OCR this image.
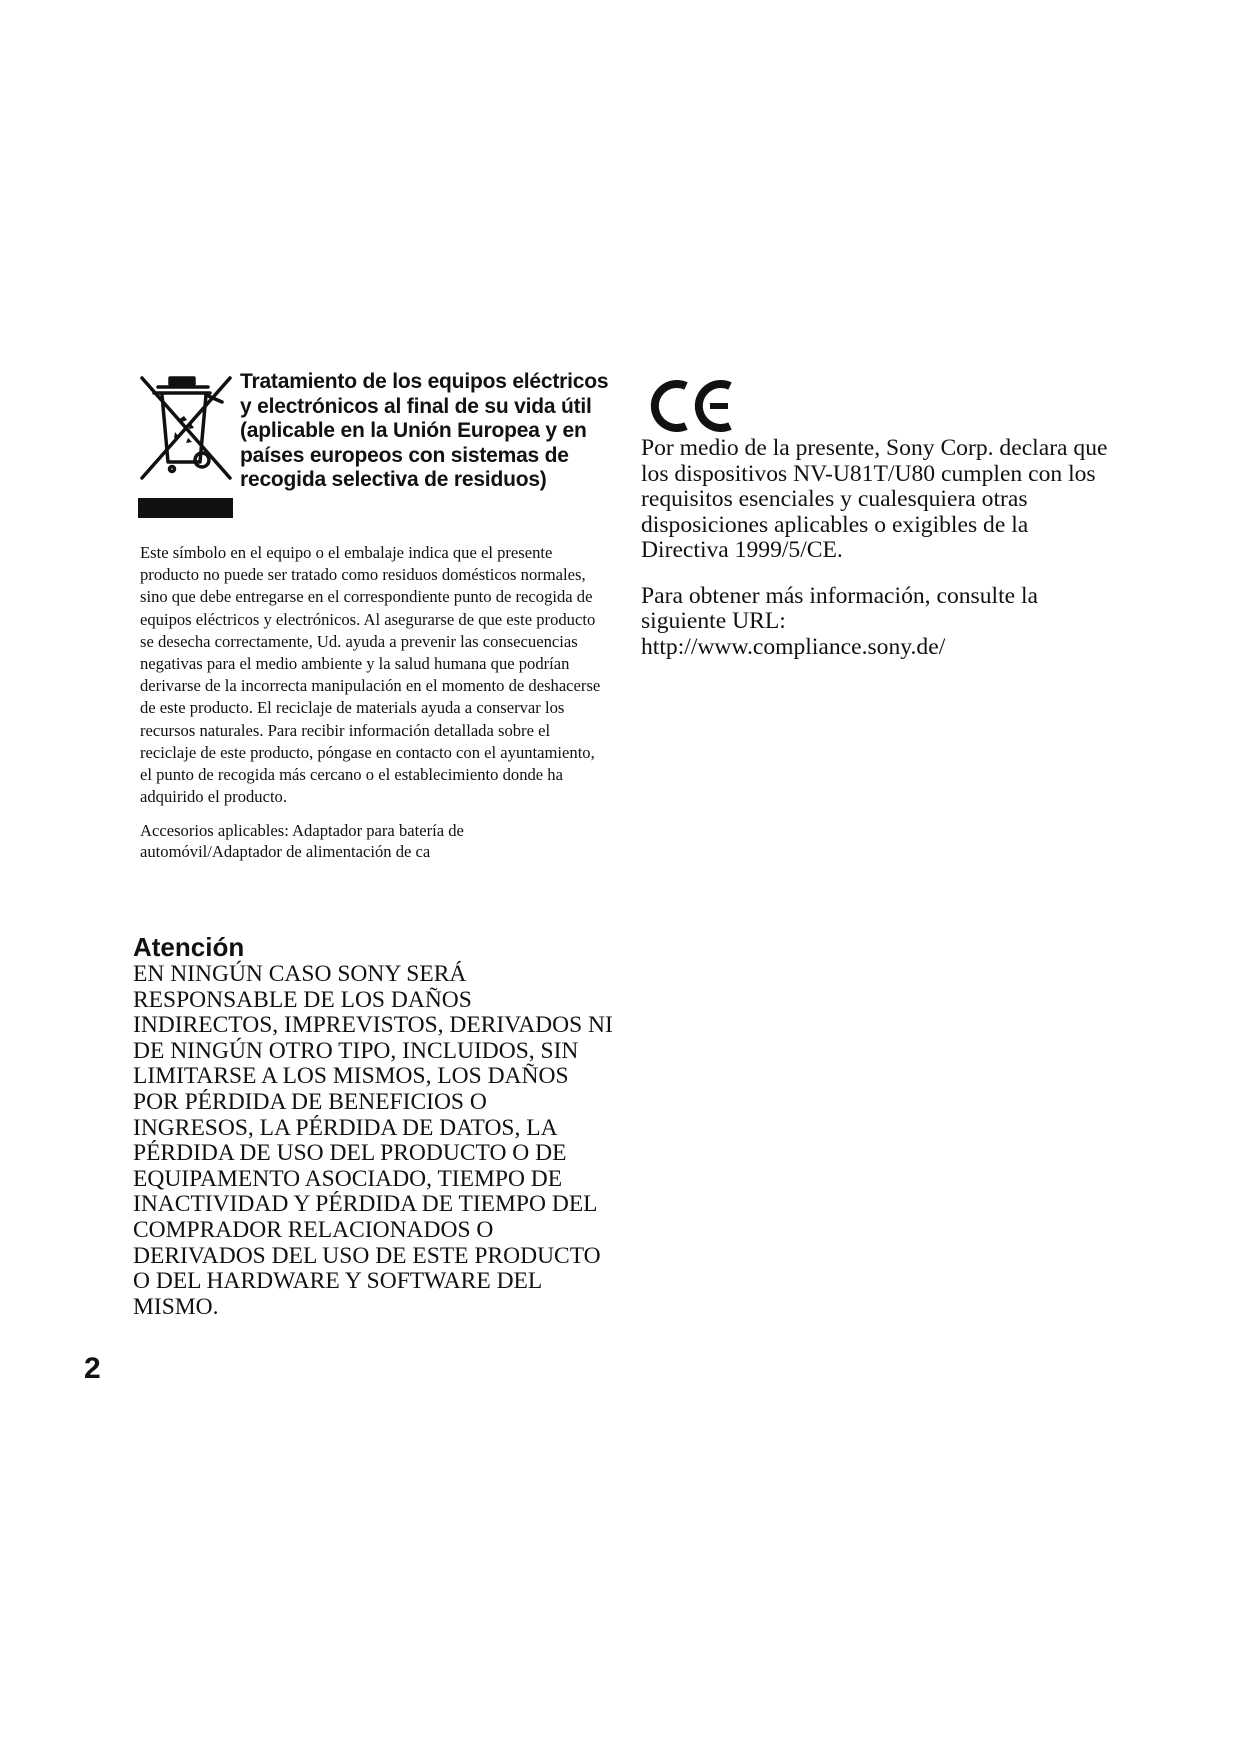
Tratamiento de los equipos eléctricos y electrónicos al final de su vida útil (aplicable en la Unión Europea y en países europeos con sistemas de recogida selectiva de residuos)

Este símbolo en el equipo o el embalaje indica que el presente producto no puede ser tratado como residuos domésticos normales, sino que debe entregarse en el correspondiente punto de recogida de equipos eléctricos y electrónicos. Al asegurarse de que este producto se desecha correctamente, Ud. ayuda a prevenir las consecuencias negativas para el medio ambiente y la salud humana que podrían derivarse de la incorrecta manipulación en el momento de deshacerse de este producto. El reciclaje de materials ayuda a conservar los recursos naturales. Para recibir información detallada sobre el reciclaje de este producto, póngase en contacto con el ayuntamiento, el punto de recogida más cercano o el establecimiento donde ha adquirido el producto.

Accesorios aplicables: Adaptador para batería de automóvil/Adaptador de alimentación de ca

Atención

EN NINGÚN CASO SONY SERÁ RESPONSABLE DE LOS DAÑOS INDIRECTOS, IMPREVISTOS, DERIVADOS NI DE NINGÚN OTRO TIPO, INCLUIDOS, SIN LIMITARSE A LOS MISMOS, LOS DAÑOS POR PÉRDIDA DE BENEFICIOS O INGRESOS, LA PÉRDIDA DE DATOS, LA PÉRDIDA DE USO DEL PRODUCTO O DE EQUIPAMENTO ASOCIADO, TIEMPO DE INACTIVIDAD Y PÉRDIDA DE TIEMPO DEL COMPRADOR RELACIONADOS O DERIVADOS DEL USO DE ESTE PRODUCTO O DEL HARDWARE Y SOFTWARE DEL MISMO.

Por medio de la presente, Sony Corp. declara que los dispositivos NV-U81T/U80 cumplen con los requisitos esenciales y cualesquiera otras disposiciones aplicables o exigibles de la Directiva 1999/5/CE.

Para obtener más información, consulte la siguiente URL:
http://www.compliance.sony.de/

2
